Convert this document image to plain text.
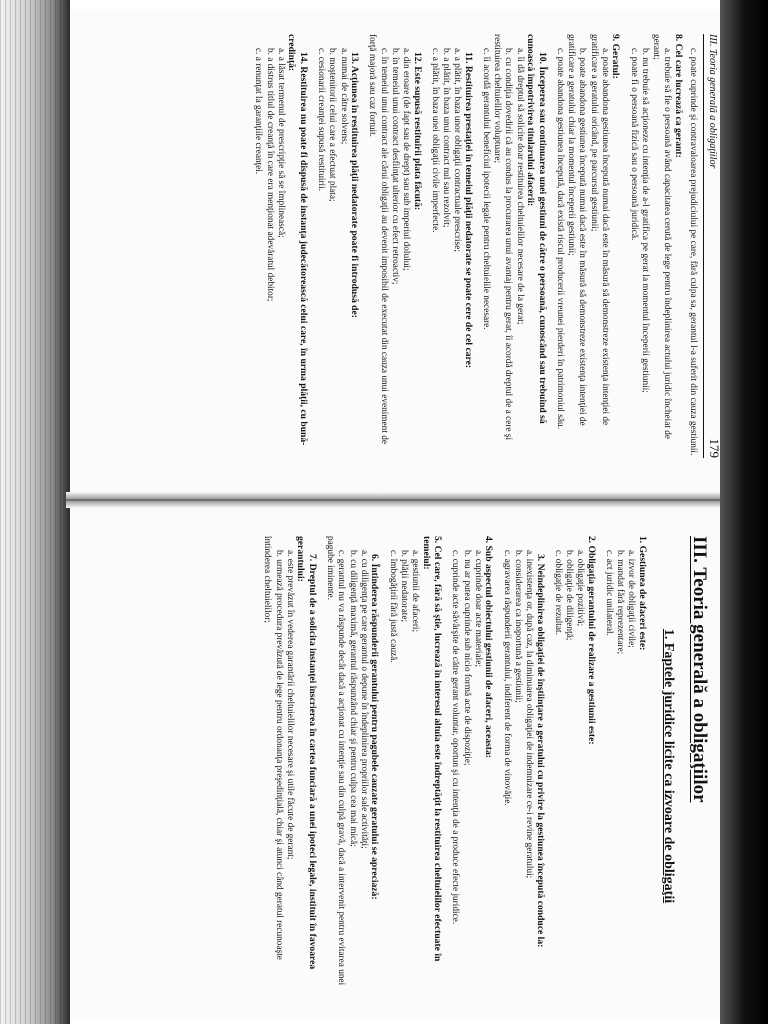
III. Teoria generală a obligaţiilor
179
c. poate cuprinde şi contravaloarea prejudiciului pe care, fără culpa sa, gerantul l-a suferit din cauza gestiunii.
8. Cel care lucrează ca gerant:
a. trebuie să fie o persoană având capacitatea cerută de lege pentru îndeplinirea actului juridic încheiat de gerant;
b. nu trebuie să acţioneze cu intenţia de a-l gratifica pe gerat la momentul începerii gestiunii;
c. poate fi o persoană fizică sau o persoană juridică.
9. Geratul:
a. poate abandona gestiunea începută numai dacă este în măsură să demonstreze existenţa intenţiei de gratificare a geratului oricând, pe parcursul gestiunii;
b. poate abandona gestiunea începută numai dacă este în măsură să demonstreze existenţa intenţiei de gratificare a geratului chiar la momentul începerii gestiunii;
c. poate abandona gestiunea începută, dacă există riscul producerii vreunei pierderi în patrimoniul său.
10. Începerea sau continuarea unei gestiuni de către o persoană, cunoscând sau trebuind să cunoască împotrivirea titularului afacerii:
a. îi dă dreptul să solicite doar restituirea cheltuielilor necesare de la gerat;
b. cu condiţia dovedirii că au condus la procurarea unui avantaj pentru gerat, îi acordă dreptul de a cere şi restituirea cheltuielilor voluptuare;
c. îi acordă gerantului beneficiul ipotecii legale pentru cheltuielile necesare.
11. Restituirea prestaţiei în temeiul plăţii nedatorate se poate cere de cel care:
a. a plătit, în baza unor obligaţii contractuale prescrise;
b. a plătit, în baza unui contract nul sau rezolvit;
c. a plătit, în baza unei obligaţii civile imperfecte.
12. Este supusă restituirii plata făcută:
a. din eroare (de fapt sau de drept) sau sub imperiul dolului;
b. în temeiul unui contract desfiinţat ulterior cu efect retroactiv;
c. în temeiul unui contract ale cărui obligaţii au devenit imposibil de executat din cauza unui eveniment de forţă majoră sau caz fortuit.
13. Acţiunea în restituirea plăţii nedatorate poate fi introdusă de:
a. numai de către solvens;
b. moştenitorii celui care a efectuat plata;
c. cesionarii creanţei supusă restituirii.
14. Restituirea nu poate fi dispusă de instanţa judecătorească celui care, în urma plăţii, cu bună-credinţă:
a. a lăsat termenul de prescripţie să se împlinească;
b. a distrus titlul de creanţă în care era menţionat adevăratul debitor;
c. a renunţat la garanţiile creanţei.
III. Teoria generală a obligaţiilor
1. Faptele juridice licite ca izvoare de obligaţii
1. Gestiunea de afaceri este:
a. izvor de obligaţii civile;
b. mandat fără reprezentare;
c. act juridic unilateral.
2. Obligaţia gerantului de realizare a gestiunii este:
a. obligaţie pozitivă;
b. obligaţie de diligenţă;
c. obligaţie de rezultat.
3. Neîndeplinirea obligaţiei de înştiinţare a geratului cu privire la gestiunea începută conduce la:
a. inexistenţa or, după caz, la diminuarea obligaţiei de indemnizare ce-i revine geratului;
b. considerarea ca inoportună a gestiunii;
c. agravarea răspunderii gerantului, indiferent de forma de vinovăţie.
4. Sub aspectul obiectului gestiunii de afaceri, aceasta:
a. cuprinde doar acte materiale;
b. nu ar putea cuprinde sub nicio formă acte de dispoziţie;
c. cuprinde acte săvârşite de către gerant voluntar, oportun şi cu intenţia de a produce efecte juridice.
5. Cel care, fără să ştie, lucrează în interesul altuia este îndreptăţit la restituirea cheltuielilor efectuate în temeiul:
a. gestiunii de afaceri;
b. plăţii nedatorate;
c. îmbogăţirii fără justă cauză.
6. Întinderea răspunderii gerantului pentru pagubele cauzate geratului se apreciază:
a. cu diligenţa pe care gerantul o depune în îndeplinirea propriilor sale activităţi;
b. cu diligenţă maximă, gerantul răspunzând chiar şi pentru culpa cea mai mică;
c. gerantul nu va răspunde decât dacă a acţionat cu intenţie sau din culpă gravă, dacă a intervenit pentru evitarea unei pagube iminente.
7. Dreptul de a solicita instanţei înscrierea în cartea funciară a unei ipoteci legale, instituit în favoarea gerantului:
a. este prevăzut în vederea garantării cheltuielilor necesare şi utile făcute de gerant;
b. urmează procedura prevăzută de lege pentru ordonanţa preşedinţială, chiar şi atunci când geratul recunoaşte întinderea cheltuielilor;
